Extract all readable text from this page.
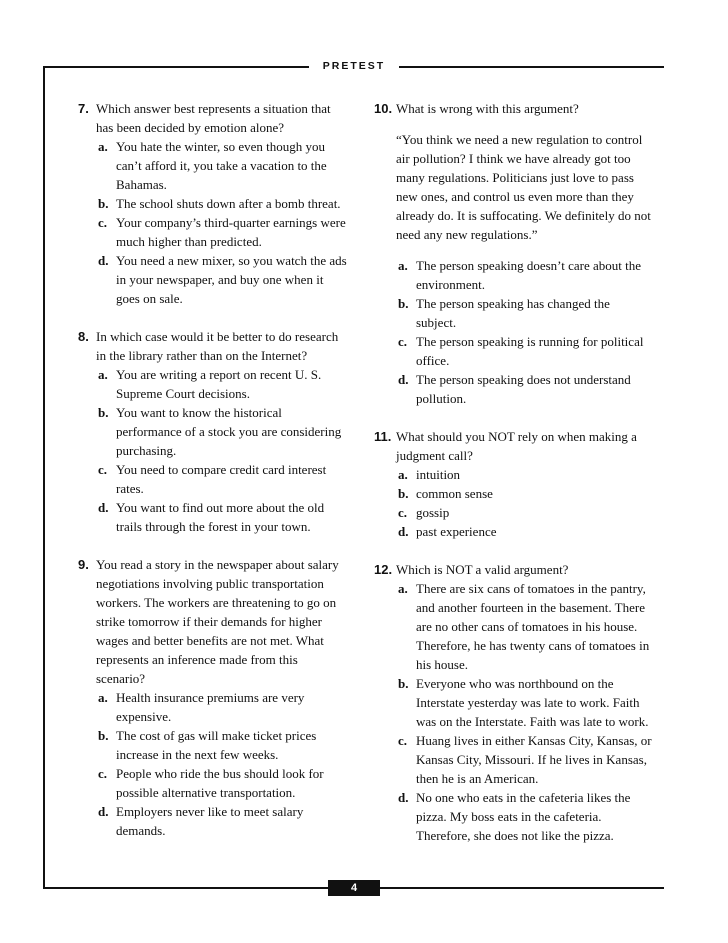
PRETEST
4
7. Which answer best represents a situation that has been decided by emotion alone?

a. You hate the winter, so even though you can’t afford it, you take a vacation to the Bahamas.
b. The school shuts down after a bomb threat.
c. Your company’s third-quarter earnings were much higher than predicted.
d. You need a new mixer, so you watch the ads in your newspaper, and buy one when it goes on sale.
8. In which case would it be better to do research in the library rather than on the Internet?

a. You are writing a report on recent U. S. Supreme Court decisions.
b. You want to know the historical performance of a stock you are considering purchasing.
c. You need to compare credit card interest rates.
d. You want to find out more about the old trails through the forest in your town.
9. You read a story in the newspaper about salary negotiations involving public transportation workers. The workers are threatening to go on strike tomorrow if their demands for higher wages and better benefits are not met. What represents an inference made from this scenario?

a. Health insurance premiums are very expensive.
b. The cost of gas will make ticket prices increase in the next few weeks.
c. People who ride the bus should look for possible alternative transportation.
d. Employers never like to meet salary demands.
10. What is wrong with this argument?

“You think we need a new regulation to control air pollution? I think we have already got too many regulations. Politicians just love to pass new ones, and control us even more than they already do. It is suffocating. We definitely do not need any new regulations.”

a. The person speaking doesn’t care about the environment.
b. The person speaking has changed the subject.
c. The person speaking is running for political office.
d. The person speaking does not understand pollution.
11. What should you NOT rely on when making a judgment call?

a. intuition
b. common sense
c. gossip
d. past experience
12. Which is NOT a valid argument?

a. There are six cans of tomatoes in the pantry, and another fourteen in the basement. There are no other cans of tomatoes in his house. Therefore, he has twenty cans of tomatoes in his house.
b. Everyone who was northbound on the Interstate yesterday was late to work. Faith was on the Interstate. Faith was late to work.
c. Huang lives in either Kansas City, Kansas, or Kansas City, Missouri. If he lives in Kansas, then he is an American.
d. No one who eats in the cafeteria likes the pizza. My boss eats in the cafeteria. Therefore, she does not like the pizza.
